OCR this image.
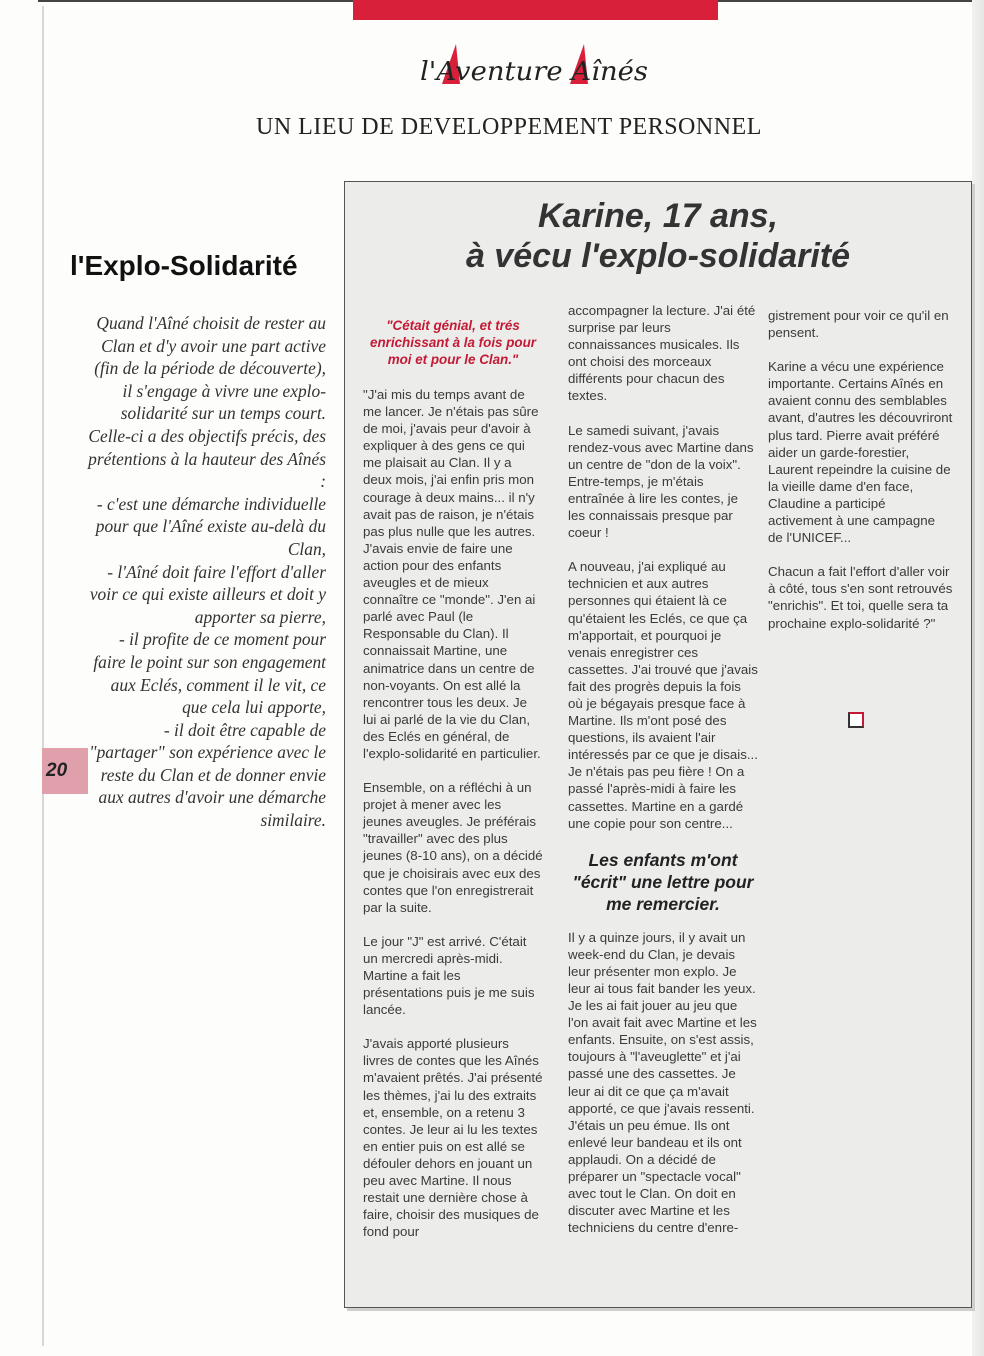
l'Aventure Aînés
UN LIEU DE DEVELOPPEMENT PERSONNEL
l'Explo-Solidarité

Quand l'Aîné choisit de rester au Clan et d'y avoir une part active (fin de la période de découverte), il s'engage à vivre une explo-solidarité sur un temps court.

Celle-ci a des objectifs précis, des prétentions à la hauteur des Aînés :

- c'est une démarche individuelle pour que l'Aîné existe au-delà du Clan,

- l'Aîné doit faire l'effort d'aller voir ce qui existe ailleurs et doit y apporter sa pierre,

- il profite de ce moment pour faire le point sur son engagement aux Eclés, comment il le vit, ce que cela lui apporte,

- il doit être capable de "partager" son expérience avec le reste du Clan et de donner envie aux autres d'avoir une démarche similaire.

20
Karine, 17 ans,
à vécu l'explo-solidarité

"Cétait génial, et trés enrichissant à la fois pour moi et pour le Clan."

"J'ai mis du temps avant de me lancer. Je n'étais pas sûre de moi, j'avais peur d'avoir à expliquer à des gens ce qui me plaisait au Clan. Il y a deux mois, j'ai enfin pris mon courage à deux mains... il n'y avait pas de raison, je n'étais pas plus nulle que les autres. J'avais envie de faire une action pour des enfants aveugles et de mieux connaître ce "monde". J'en ai parlé avec Paul (le Responsable du Clan). Il connaissait Martine, une animatrice dans un centre de non-voyants. On est allé la rencontrer tous les deux. Je lui ai parlé de la vie du Clan, des Eclés en général, de l'explo-solidarité en particulier.

Ensemble, on a réfléchi à un projet à mener avec les jeunes aveugles. Je préférais "travailler" avec des plus jeunes (8-10 ans), on a décidé que je choisirais avec eux des contes que l'on enregistrerait par la suite.

Le jour "J" est arrivé. C'était un mercredi après-midi. Martine a fait les présentations puis je me suis lancée.

J'avais apporté plusieurs livres de contes que les Aînés m'avaient prêtés. J'ai présenté les thèmes, j'ai lu des extraits et, ensemble, on a retenu 3 contes. Je leur ai lu les textes en entier puis on est allé se défouler dehors en jouant un peu avec Martine. Il nous restait une dernière chose à faire, choisir des musiques de fond pour

accompagner la lecture. J'ai été surprise par leurs connaissances musicales. Ils ont choisi des morceaux différents pour chacun des textes.

Le samedi suivant, j'avais rendez-vous avec Martine dans un centre de "don de la voix". Entre-temps, je m'étais entraînée à lire les contes, je les connaissais presque par coeur !

A nouveau, j'ai expliqué au technicien et aux autres personnes qui étaient là ce qu'étaient les Eclés, ce que ça m'apportait, et pourquoi je venais enregistrer ces cassettes. J'ai trouvé que j'avais fait des progrès depuis la fois où je bégayais presque face à Martine. Ils m'ont posé des questions, ils avaient l'air intéressés par ce que je disais... Je n'étais pas peu fière ! On a passé l'après-midi à faire les cassettes. Martine en a gardé une copie pour son centre...

Les enfants m'ont "écrit" une lettre pour me remercier.

Il y a quinze jours, il y avait un week-end du Clan, je devais leur présenter mon explo. Je leur ai tous fait bander les yeux. Je les ai fait jouer au jeu que l'on avait fait avec Martine et les enfants. Ensuite, on s'est assis, toujours à "l'aveuglette" et j'ai passé une des cassettes. Je leur ai dit ce que ça m'avait apporté, ce que j'avais ressenti. J'étais un peu émue. Ils ont enlevé leur bandeau et ils ont applaudi. On a décidé de préparer un "spectacle vocal" avec tout le Clan. On doit en discuter avec Martine et les techniciens du centre d'enre-

gistrement pour voir ce qu'il en pensent.

Karine a vécu une expérience importante. Certains Aînés en avaient connu des semblables avant, d'autres les découvriront plus tard. Pierre avait préféré aider un garde-forestier, Laurent repeindre la cuisine de la vieille dame d'en face, Claudine a participé activement à une campagne de l'UNICEF...

Chacun a fait l'effort d'aller voir à côté, tous s'en sont retrouvés "enrichis". Et toi, quelle sera ta prochaine explo-solidarité ?"
